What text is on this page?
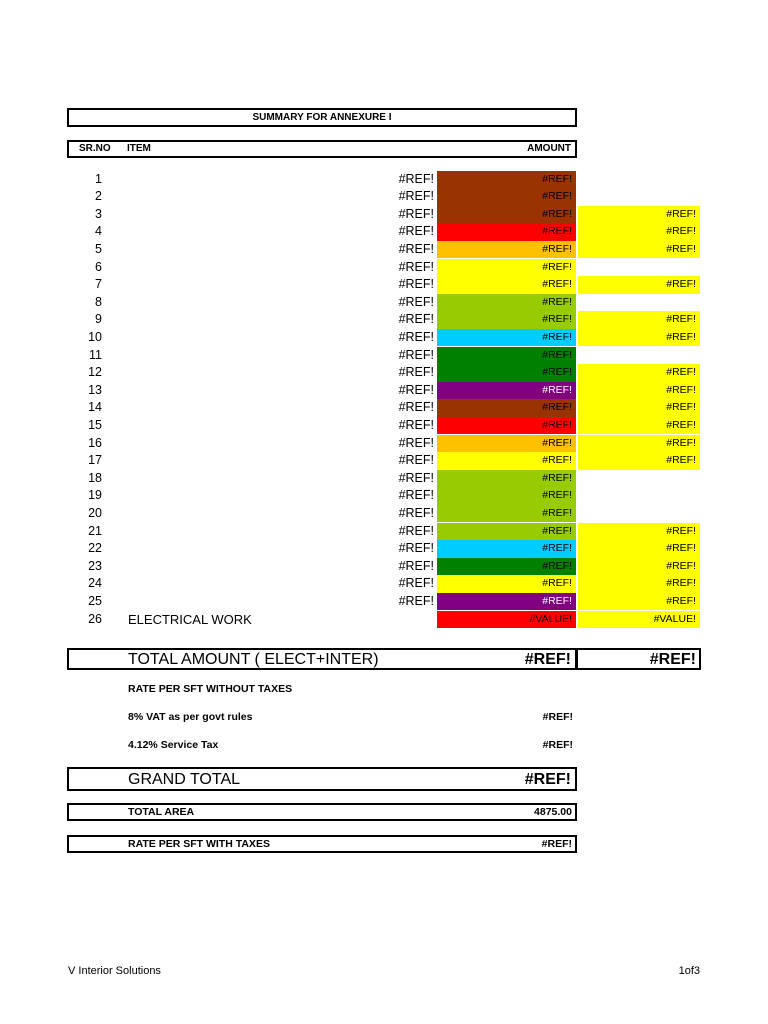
SUMMARY FOR ANNEXURE I
SR.NO ITEM	AMOUNT
1	#REF!	#REF!
2	#REF!	#REF!
3	#REF!	#REF!	#REF!
4	#REF!	#REF!	#REF!
5	#REF!	#REF!	#REF!
6	#REF!	#REF!
7	#REF!	#REF!	#REF!
8	#REF!	#REF!
9	#REF!	#REF!	#REF!
10	#REF!	#REF!	#REF!
11	#REF!	#REF!
12	#REF!	#REF!	#REF!
13	#REF!	#REF!	#REF!
14	#REF!	#REF!	#REF!
15	#REF!	#REF!	#REF!
16	#REF!	#REF!	#REF!
17	#REF!	#REF!	#REF!
18	#REF!	#REF!
19	#REF!	#REF!
20	#REF!	#REF!
21	#REF!	#REF!	#REF!
22	#REF!	#REF!	#REF!
23	#REF!	#REF!	#REF!
24	#REF!	#REF!	#REF!
25	#REF!	#REF!	#REF!
26 ELECTRICAL WORK	#VALUE!	#VALUE!
TOTAL AMOUNT ( ELECT+INTER)	#REF!	#REF!
RATE PER SFT WITHOUT TAXES
8% VAT as per govt rules	#REF!
4.12% Service Tax	#REF!
GRAND TOTAL	#REF!
TOTAL AREA	4875.00
RATE PER SFT WITH TAXES	#REF!
V Interior Solutions	1of3
